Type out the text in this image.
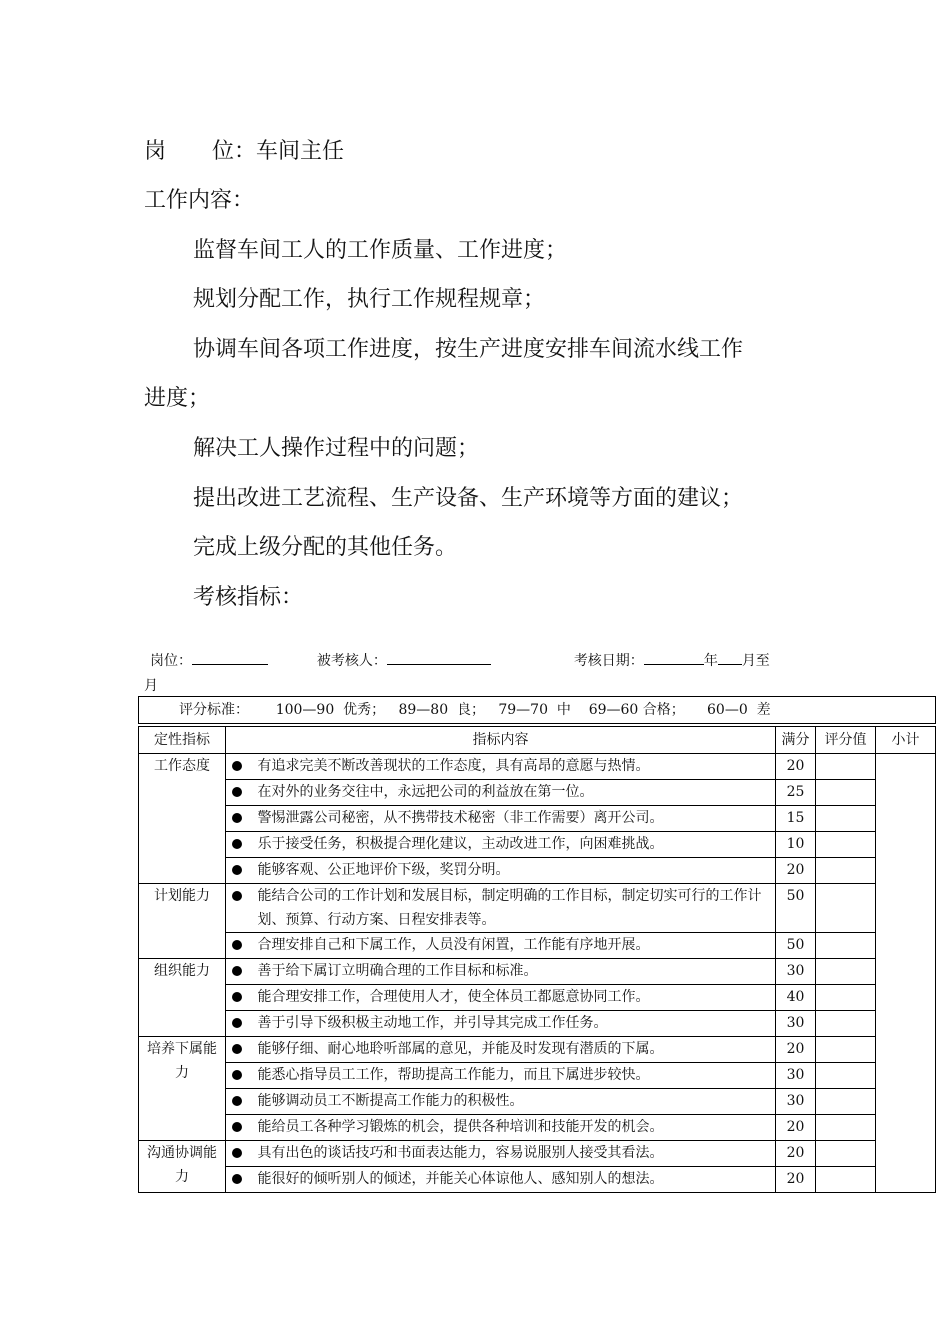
岗 位：车间主任
工作内容：
监督车间工人的工作质量、工作进度；
规划分配工作，执行工作规程规章；
协调车间各项工作进度，按生产进度安排车间流水线工作
进度；
解决工人操作过程中的问题；
提出改进工艺流程、生产设备、生产环境等方面的建议；
完成上级分配的其他任务。
考核指标：
岗位：	被考核人：	考核日期：	年 月至
月
评分标准：      100—90  优秀；   89—80  良；   79—70  中    69—60 合格；     60—0  差					
定性指标	指标内容		满分	评分值	小计
工作态度		有追求完美不断改善现状的工作态度，具有高昂的意愿与热情。	20		
		在对外的业务交往中，永远把公司的利益放在第一位。	25		
		警惕泄露公司秘密，从不携带技术秘密（非工作需要）离开公司。	15		
		乐于接受任务，积极提合理化建议，主动改进工作，向困难挑战。	10		
		能够客观、公正地评价下级，奖罚分明。	20		
计划能力		能结合公司的工作计划和发展目标，制定明确的工作目标，制定切实可行的工作计划、预算、行动方案、日程安排表等。	50		
		合理安排自己和下属工作，人员没有闲置，工作能有序地开展。	50		
组织能力		善于给下属订立明确合理的工作目标和标准。	30		
		能合理安排工作，合理使用人才，使全体员工都愿意协同工作。	40		
		善于引导下级积极主动地工作，并引导其完成工作任务。	30		
培养下属能力		能够仔细、耐心地聆听部属的意见，并能及时发现有潜质的下属。	20		
		能悉心指导员工工作，帮助提高工作能力，而且下属进步较快。	30		
		能够调动员工不断提高工作能力的积极性。	30		
		能给员工各种学习锻炼的机会，提供各种培训和技能开发的机会。	20		
沟通协调能力		具有出色的谈话技巧和书面表达能力，容易说服别人接受其看法。	20		
		能很好的倾听别人的倾述，并能关心体谅他人、感知别人的想法。	20		
